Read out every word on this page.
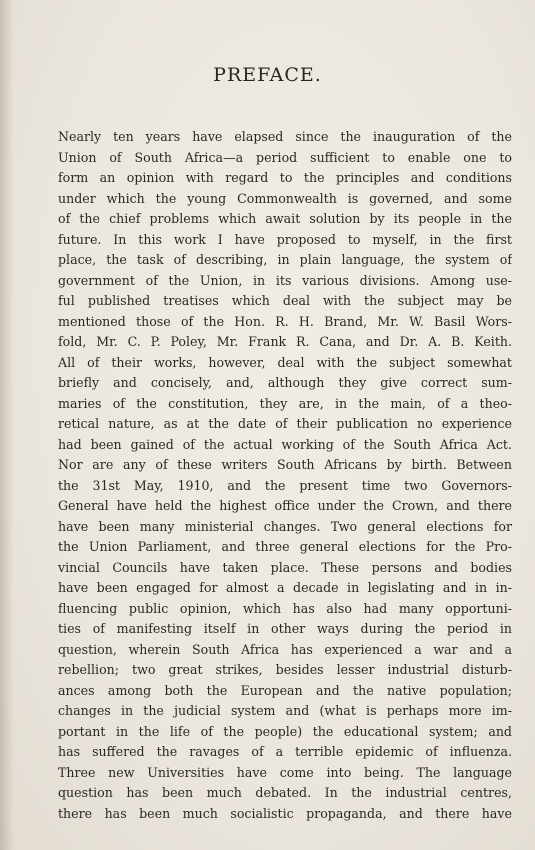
PREFACE.
Nearly ten years have elapsed since the inauguration of the
Union of South Africa—a period sufficient to enable one to
form an opinion with regard to the principles and conditions
under which the young Commonwealth is governed, and some
of the chief problems which await solution by its people in the
future. In this work I have proposed to myself, in the first
place, the task of describing, in plain language, the system of
government of the Union, in its various divisions. Among use-
ful published treatises which deal with the subject may be
mentioned those of the Hon. R. H. Brand, Mr. W. Basil Wors-
fold, Mr. C. P. Poley, Mr. Frank R. Cana, and Dr. A. B. Keith.
All of their works, however, deal with the subject somewhat
briefly and concisely, and, although they give correct sum-
maries of the constitution, they are, in the main, of a theo-
retical nature, as at the date of their publication no experience
had been gained of the actual working of the South Africa Act.
Nor are any of these writers South Africans by birth. Between
the 31st May, 1910, and the present time two Governors-
General have held the highest office under the Crown, and there
have been many ministerial changes. Two general elections for
the Union Parliament, and three general elections for the Pro-
vincial Councils have taken place. These persons and bodies
have been engaged for almost a decade in legislating and in in-
fluencing public opinion, which has also had many opportuni-
ties of manifesting itself in other ways during the period in
question, wherein South Africa has experienced a war and a
rebellion; two great strikes, besides lesser industrial disturb-
ances among both the European and the native population;
changes in the judicial system and (what is perhaps more im-
portant in the life of the people) the educational system; and
has suffered the ravages of a terrible epidemic of influenza.
Three new Universities have come into being. The language
question has been much debated. In the industrial centres,
there has been much socialistic propaganda, and there have
